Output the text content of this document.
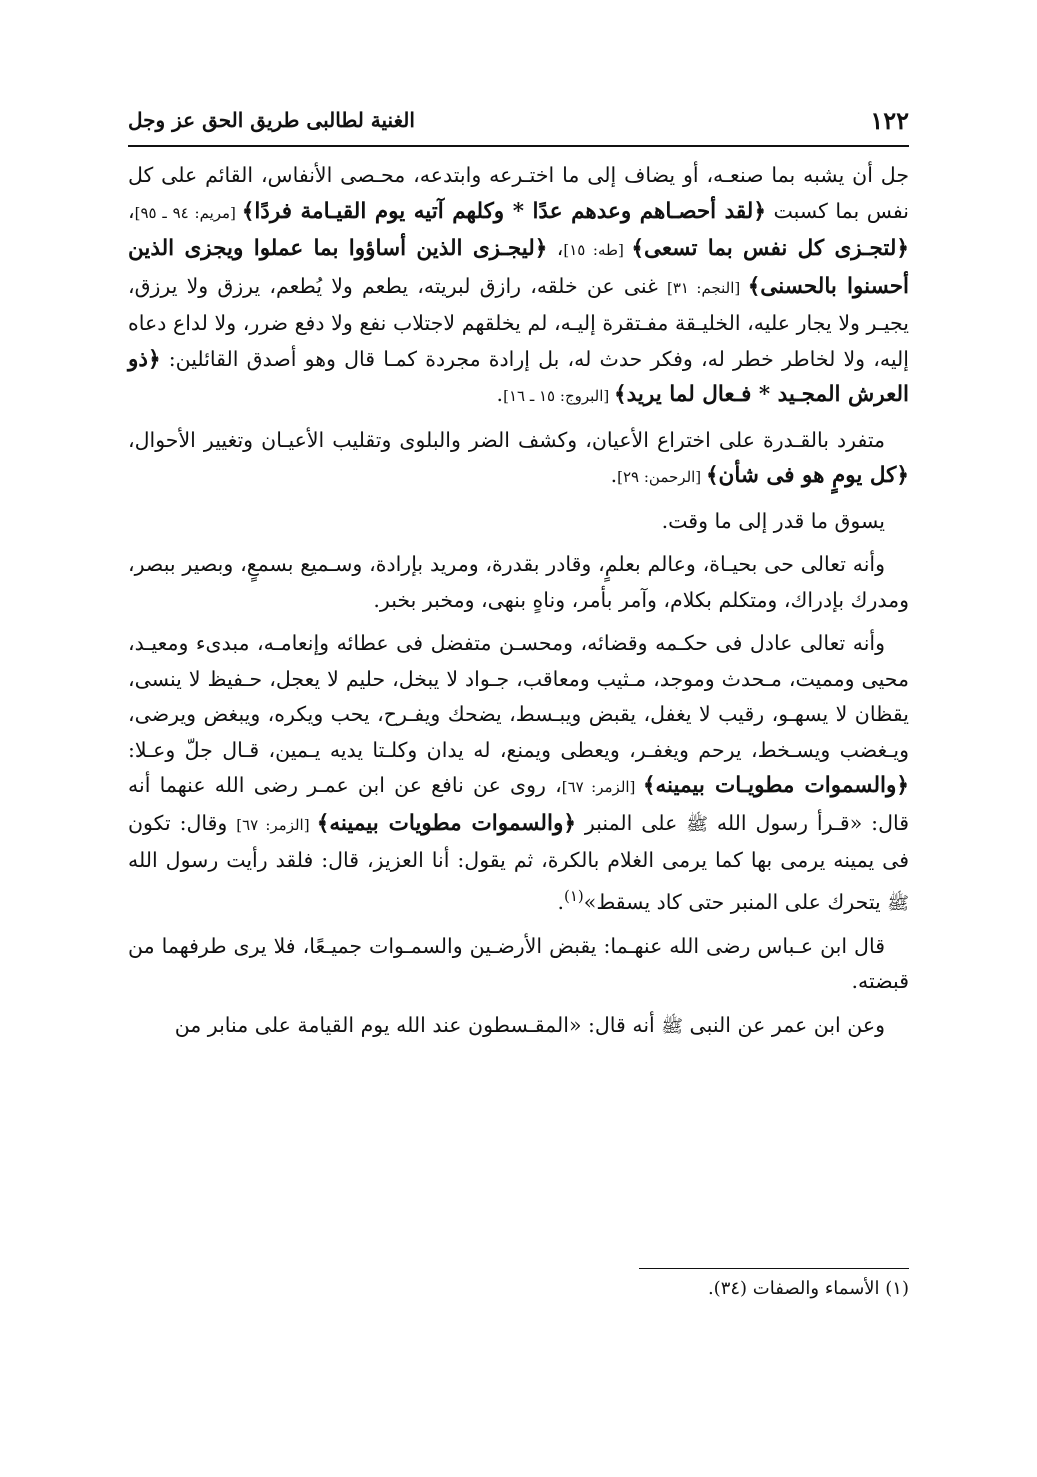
١٢٢
الغنية لطالبى طريق الحق عز وجل

جل أن يشبه بما صنعـه، أو يضاف إلى ما اختـرعه وابتدعه، محـصى الأنفاس، القائم على كل نفس بما كسبت ﴿لقد أحصـاهم وعدهم عدًا * وكلهم آتيه يوم القيـامة فردًا﴾ [مريم: ٩٤ ـ ٩٥]، ﴿لتجـزى كل نفس بما تسعى﴾ [طه: ١٥]، ﴿ليجـزى الذين أساؤوا بما عملوا ويجزى الذين أحسنوا بالحسنى﴾ [النجم: ٣١] غنى عن خلقه، رازق لبريته، يطعم ولا يُطعم، يرزق ولا يرزق، يجيـر ولا يجار عليه، الخليـقة مفـتقرة إليـه، لم يخلقهم لاجتلاب نفع ولا دفع ضرر، ولا لداع دعاه إليه، ولا لخاطر خطر له، وفكر حدث له، بل إرادة مجردة كمـا قال وهو أصدق القائلين: ﴿ذو العرش المجـيد * فـعال لما يريد﴾ [البروج: ١٥ ـ ١٦].

متفرد بالقـدرة على اختراع الأعيان، وكشف الضر والبلوى وتقليب الأعيـان وتغيير الأحوال، ﴿كل يومٍ هو فى شأن﴾ [الرحمن: ٢٩].

يسوق ما قدر إلى ما وقت.

وأنه تعالى حى بحيـاة، وعالم بعلمٍ، وقادر بقدرة، ومريد بإرادة، وسـميع بسمعٍ، وبصير ببصر، ومدرك بإدراك، ومتكلم بكلام، وآمر بأمر، وناهٍ بنهى، ومخبر بخبر.

وأنه تعالى عادل فى حكـمه وقضائه، ومحسـن متفضل فى عطائه وإنعامـه، مبدىء ومعيـد، محيى ومميت، مـحدث وموجد، مـثيب ومعاقب، جـواد لا يبخل، حليم لا يعجل، حـفيظ لا ينسى، يقظان لا يسهـو، رقيب لا يغفل، يقبض ويبـسط، يضحك ويفـرح، يحب ويكره، ويبغض ويرضى، ويـغضب ويسـخط، يرحم ويغفـر، ويعطى ويمنع، له يدان وكلـتا يديه يـمين، قـال جلّ وعـلا: ﴿والسموات مطويـات بيمينه﴾ [الزمر: ٦٧]، روى عن نافع عن ابن عمـر رضى الله عنهما أنه قال: «قـرأ رسول الله ﷺ على المنبر ﴿والسموات مطويات بيمينه﴾ [الزمر: ٦٧] وقال: تكون فى يمينه يرمى بها كما يرمى الغلام بالكرة، ثم يقول: أنا العزيز، قال: فلقد رأيت رسول الله ﷺ يتحرك على المنبر حتى كاد يسقط»$^{(١)}$.

قال ابن عـباس رضى الله عنهـما: يقبض الأرضـين والسمـوات جميـعًا، فلا يرى طرفهما من قبضته.

وعن ابن عمر عن النبى ﷺ أنه قال: «المقـسطون عند الله يوم القيامة على منابر من

(١) الأسماء والصفات (٣٤).
